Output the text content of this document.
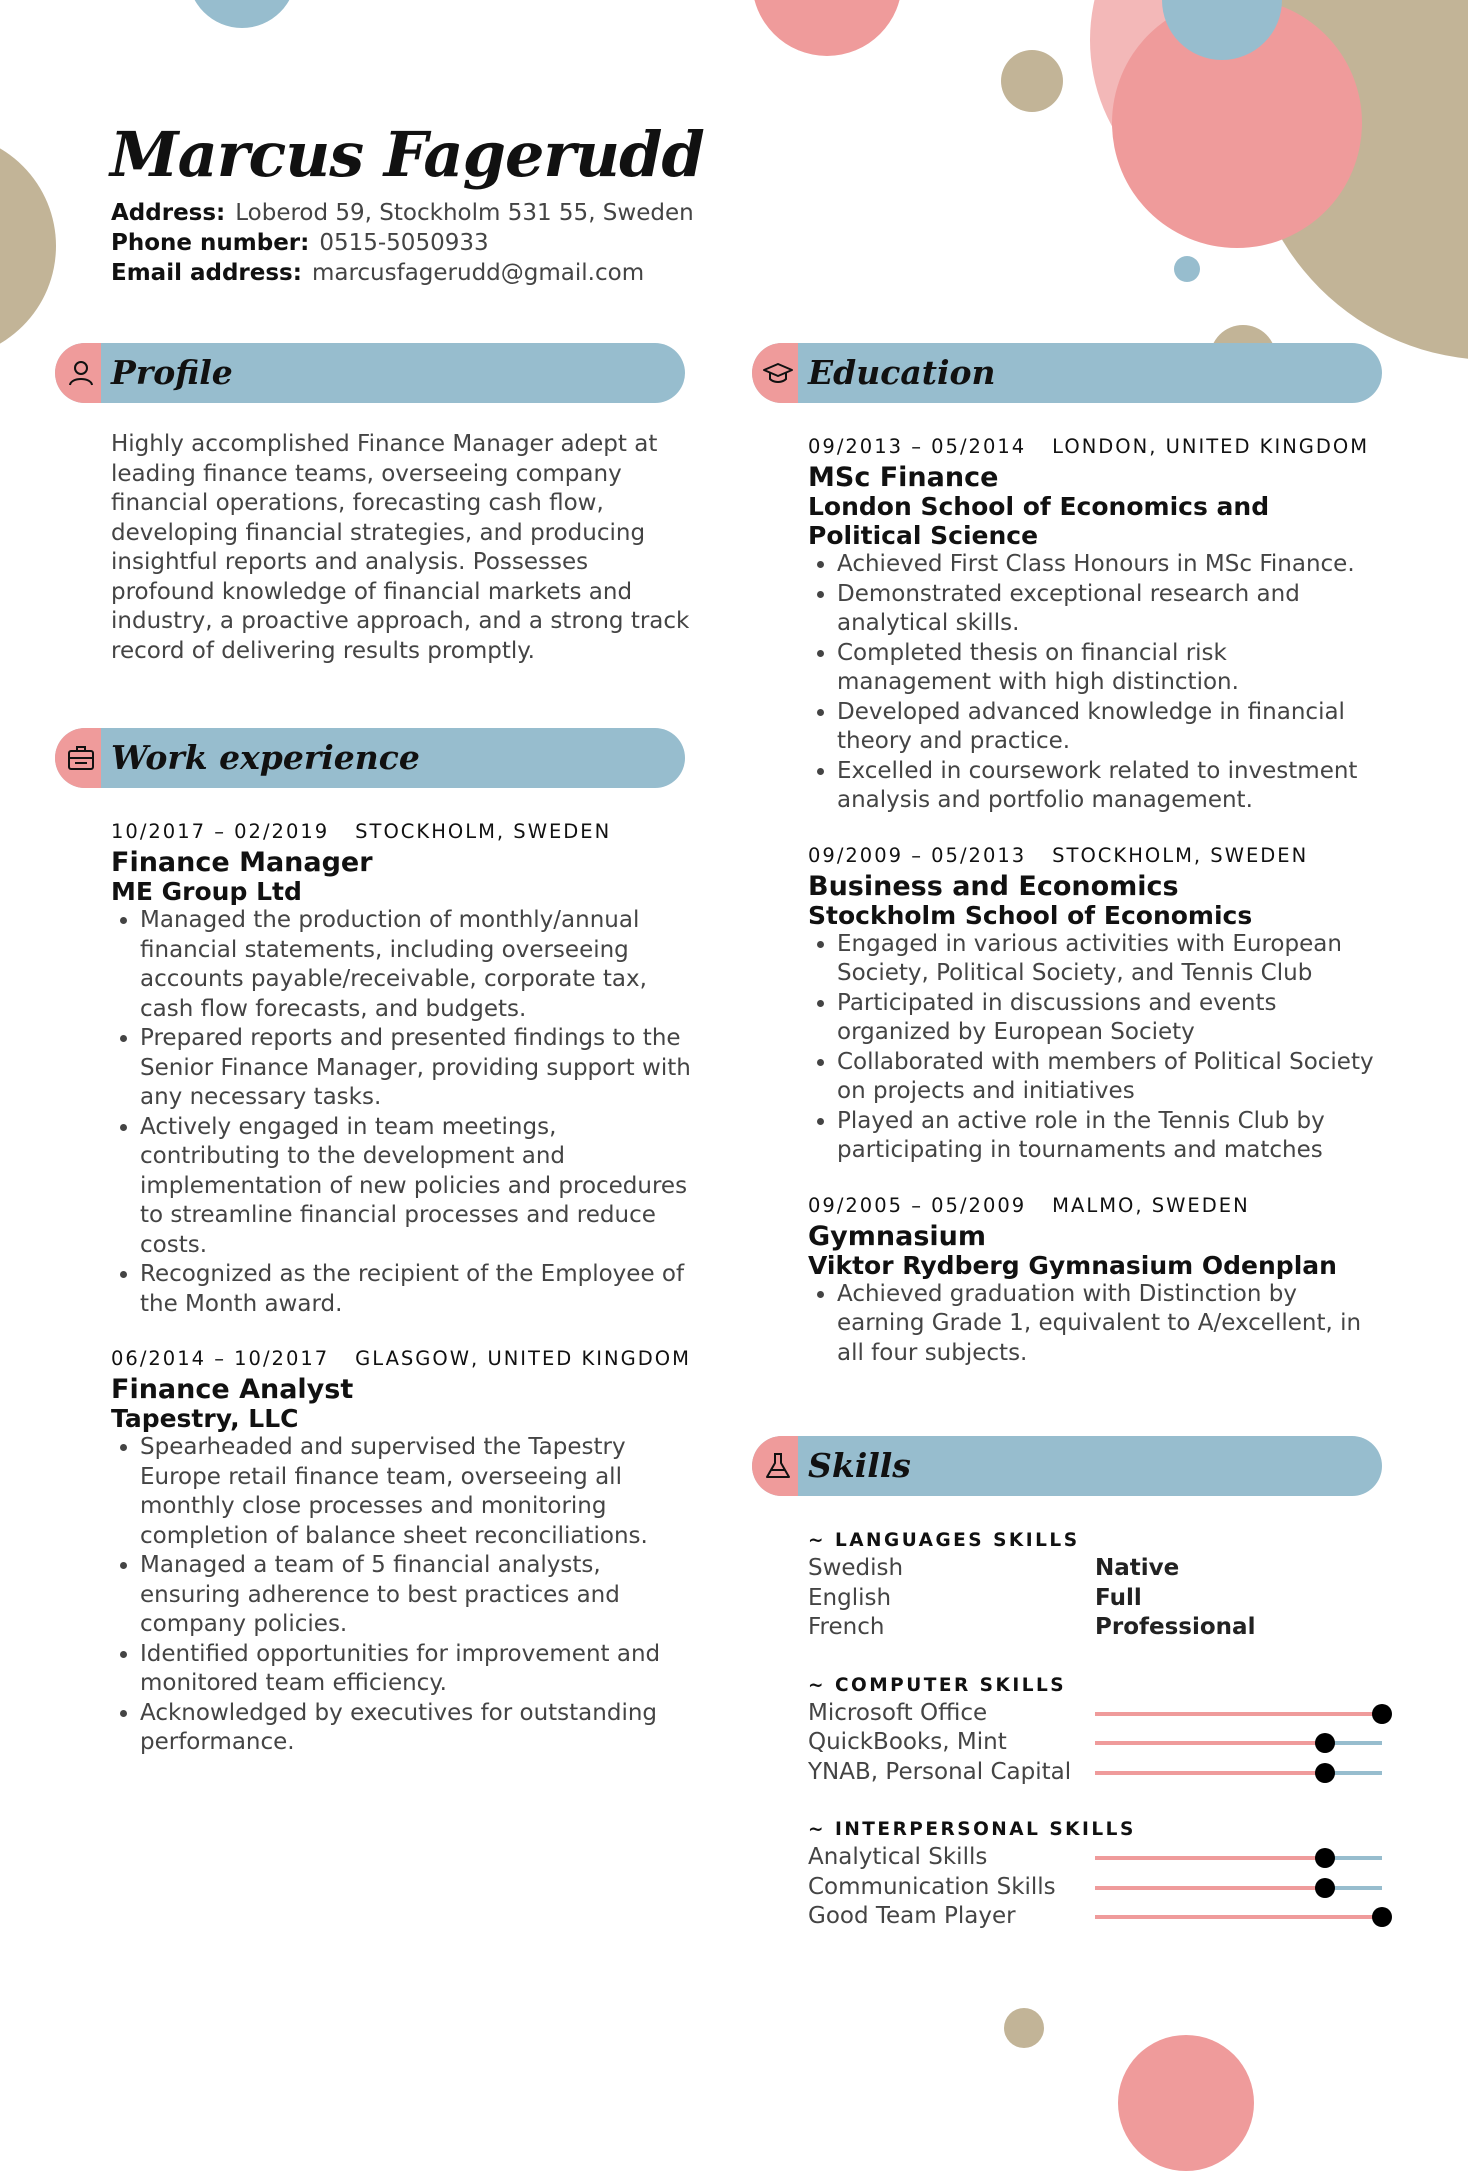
Marcus Fagerudd
Address: Loberod 59, Stockholm 531 55, Sweden
Phone number: 0515-5050933
Email address: marcusfagerudd@gmail.com
Profile

Highly accomplished Finance Manager adept at leading finance teams, overseeing company financial operations, forecasting cash flow, developing financial strategies, and producing insightful reports and analysis. Possesses profound knowledge of financial markets and industry, a proactive approach, and a strong track record of delivering results promptly.

Work experience
10/2017 – 02/2019 STOCKHOLM, SWEDEN
Finance Manager
ME Group Ltd
• Managed the production of monthly/annual financial statements, including overseeing accounts payable/receivable, corporate tax, cash flow forecasts, and budgets.
• Prepared reports and presented findings to the Senior Finance Manager, providing support with any necessary tasks.
• Actively engaged in team meetings, contributing to the development and implementation of new policies and procedures to streamline financial processes and reduce costs.
• Recognized as the recipient of the Employee of the Month award.
06/2014 – 10/2017 GLASGOW, UNITED KINGDOM
Finance Analyst
Tapestry, LLC
• Spearheaded and supervised the Tapestry Europe retail finance team, overseeing all monthly close processes and monitoring completion of balance sheet reconciliations.
• Managed a team of 5 financial analysts, ensuring adherence to best practices and company policies.
• Identified opportunities for improvement and monitored team efficiency.
• Acknowledged by executives for outstanding performance.
Education
09/2013 – 05/2014 LONDON, UNITED KINGDOM
MSc Finance
London School of Economics and Political Science
• Achieved First Class Honours in MSc Finance.
• Demonstrated exceptional research and analytical skills.
• Completed thesis on financial risk management with high distinction.
• Developed advanced knowledge in financial theory and practice.
• Excelled in coursework related to investment analysis and portfolio management.
09/2009 – 05/2013 STOCKHOLM, SWEDEN
Business and Economics
Stockholm School of Economics
• Engaged in various activities with European Society, Political Society, and Tennis Club
• Participated in discussions and events organized by European Society
• Collaborated with members of Political Society on projects and initiatives
• Played an active role in the Tennis Club by participating in tournaments and matches
09/2005 – 05/2009 MALMO, SWEDEN
Gymnasium
Viktor Rydberg Gymnasium Odenplan
• Achieved graduation with Distinction by earning Grade 1, equivalent to A/excellent, in all four subjects.
Skills
~ LANGUAGES SKILLS
Swedish	Native
English	Full
French	Professional
~ COMPUTER SKILLS
Microsoft Office
QuickBooks, Mint
YNAB, Personal Capital
~ INTERPERSONAL SKILLS
Analytical Skills
Communication Skills
Good Team Player
